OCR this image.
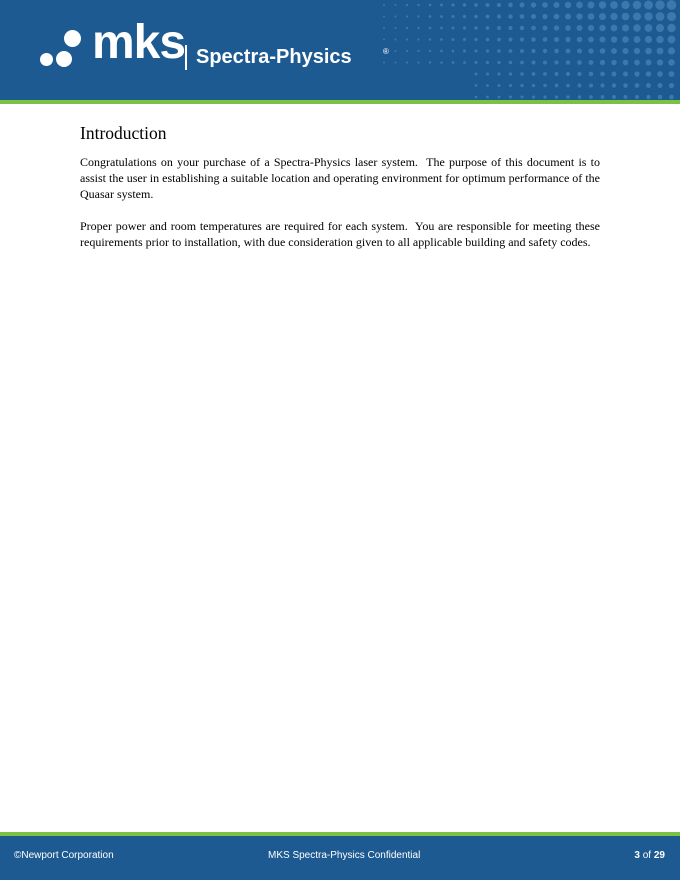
mks Spectra-Physics	®
Introduction

Congratulations on your purchase of a Spectra-Physics laser system.  The purpose of this document is to assist the user in establishing a suitable location and operating environment for optimum performance of the Quasar system.

Proper power and room temperatures are required for each system.  You are responsible for meeting these requirements prior to installation, with due consideration given to all applicable building and safety codes.

©Newport Corporation	MKS Spectra-Physics Confidential	3 of 29
